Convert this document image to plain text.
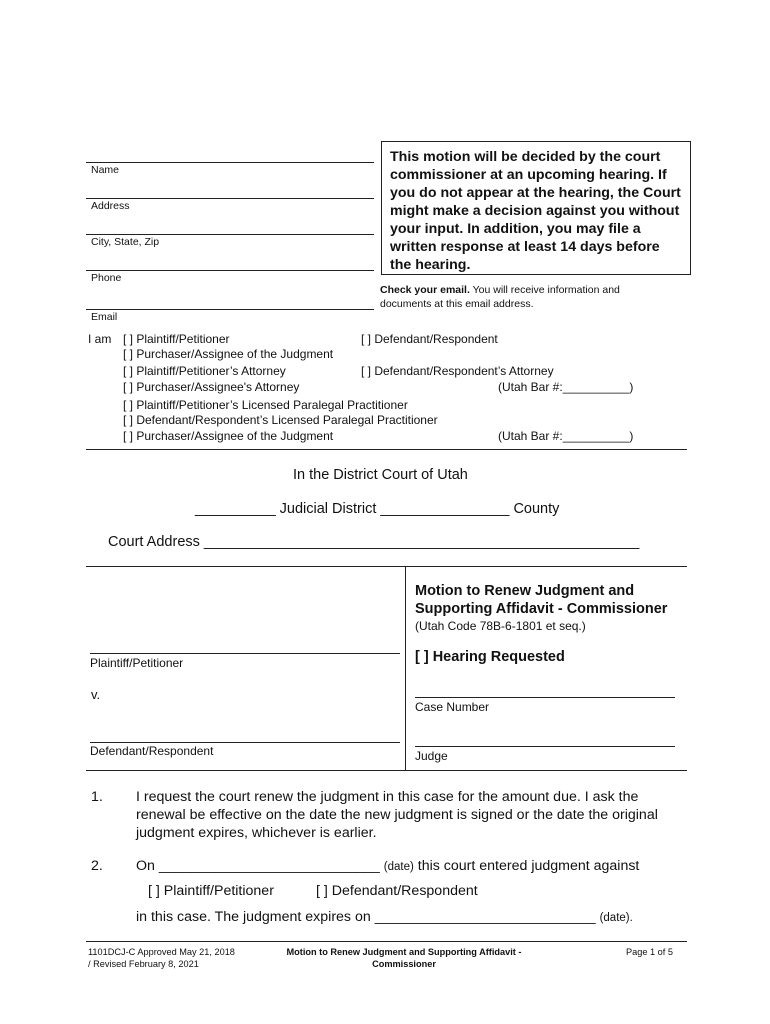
Name
Address
City, State, Zip
Phone
Email
This motion will be decided by the court commissioner at an upcoming hearing. If you do not appear at the hearing, the Court might make a decision against you without your input. In addition, you may file a written response at least 14 days before the hearing.
Check your email. You will receive information and documents at this email address.
I am [ ] Plaintiff/Petitioner	[ ] Defendant/Respondent
[ ] Purchaser/Assignee of the Judgment
[ ] Plaintiff/Petitioner’s Attorney	[ ] Defendant/Respondent’s Attorney
[ ] Purchaser/Assignee's Attorney	(Utah Bar #:__________)
[ ] Plaintiff/Petitioner’s Licensed Paralegal Practitioner
[ ] Defendant/Respondent’s Licensed Paralegal Practitioner
[ ] Purchaser/Assignee of the Judgment	(Utah Bar #:__________)
In the District Court of Utah
__________ Judicial District ________________ County
Court Address ______________________________________________________
Motion to Renew Judgment and
Supporting Affidavit - Commissioner
(Utah Code 78B-6-1801 et seq.)
[ ] Hearing Requested
Plaintiff/Petitioner
v.
Defendant/Respondent
Case Number
Judge
1. I request the court renew the judgment in this case for the amount due. I ask the renewal be effective on the date the new judgment is signed or the date the original judgment expires, whichever is earlier.
2. On ____________________________ (date) this court entered judgment against
[ ] Plaintiff/Petitioner	[ ] Defendant/Respondent
in this case. The judgment expires on ____________________________ (date).
1101DCJ-C Approved May 21, 2018
/ Revised February 8, 2021
Motion to Renew Judgment and Supporting Affidavit -
Commissioner
Page 1 of 5
